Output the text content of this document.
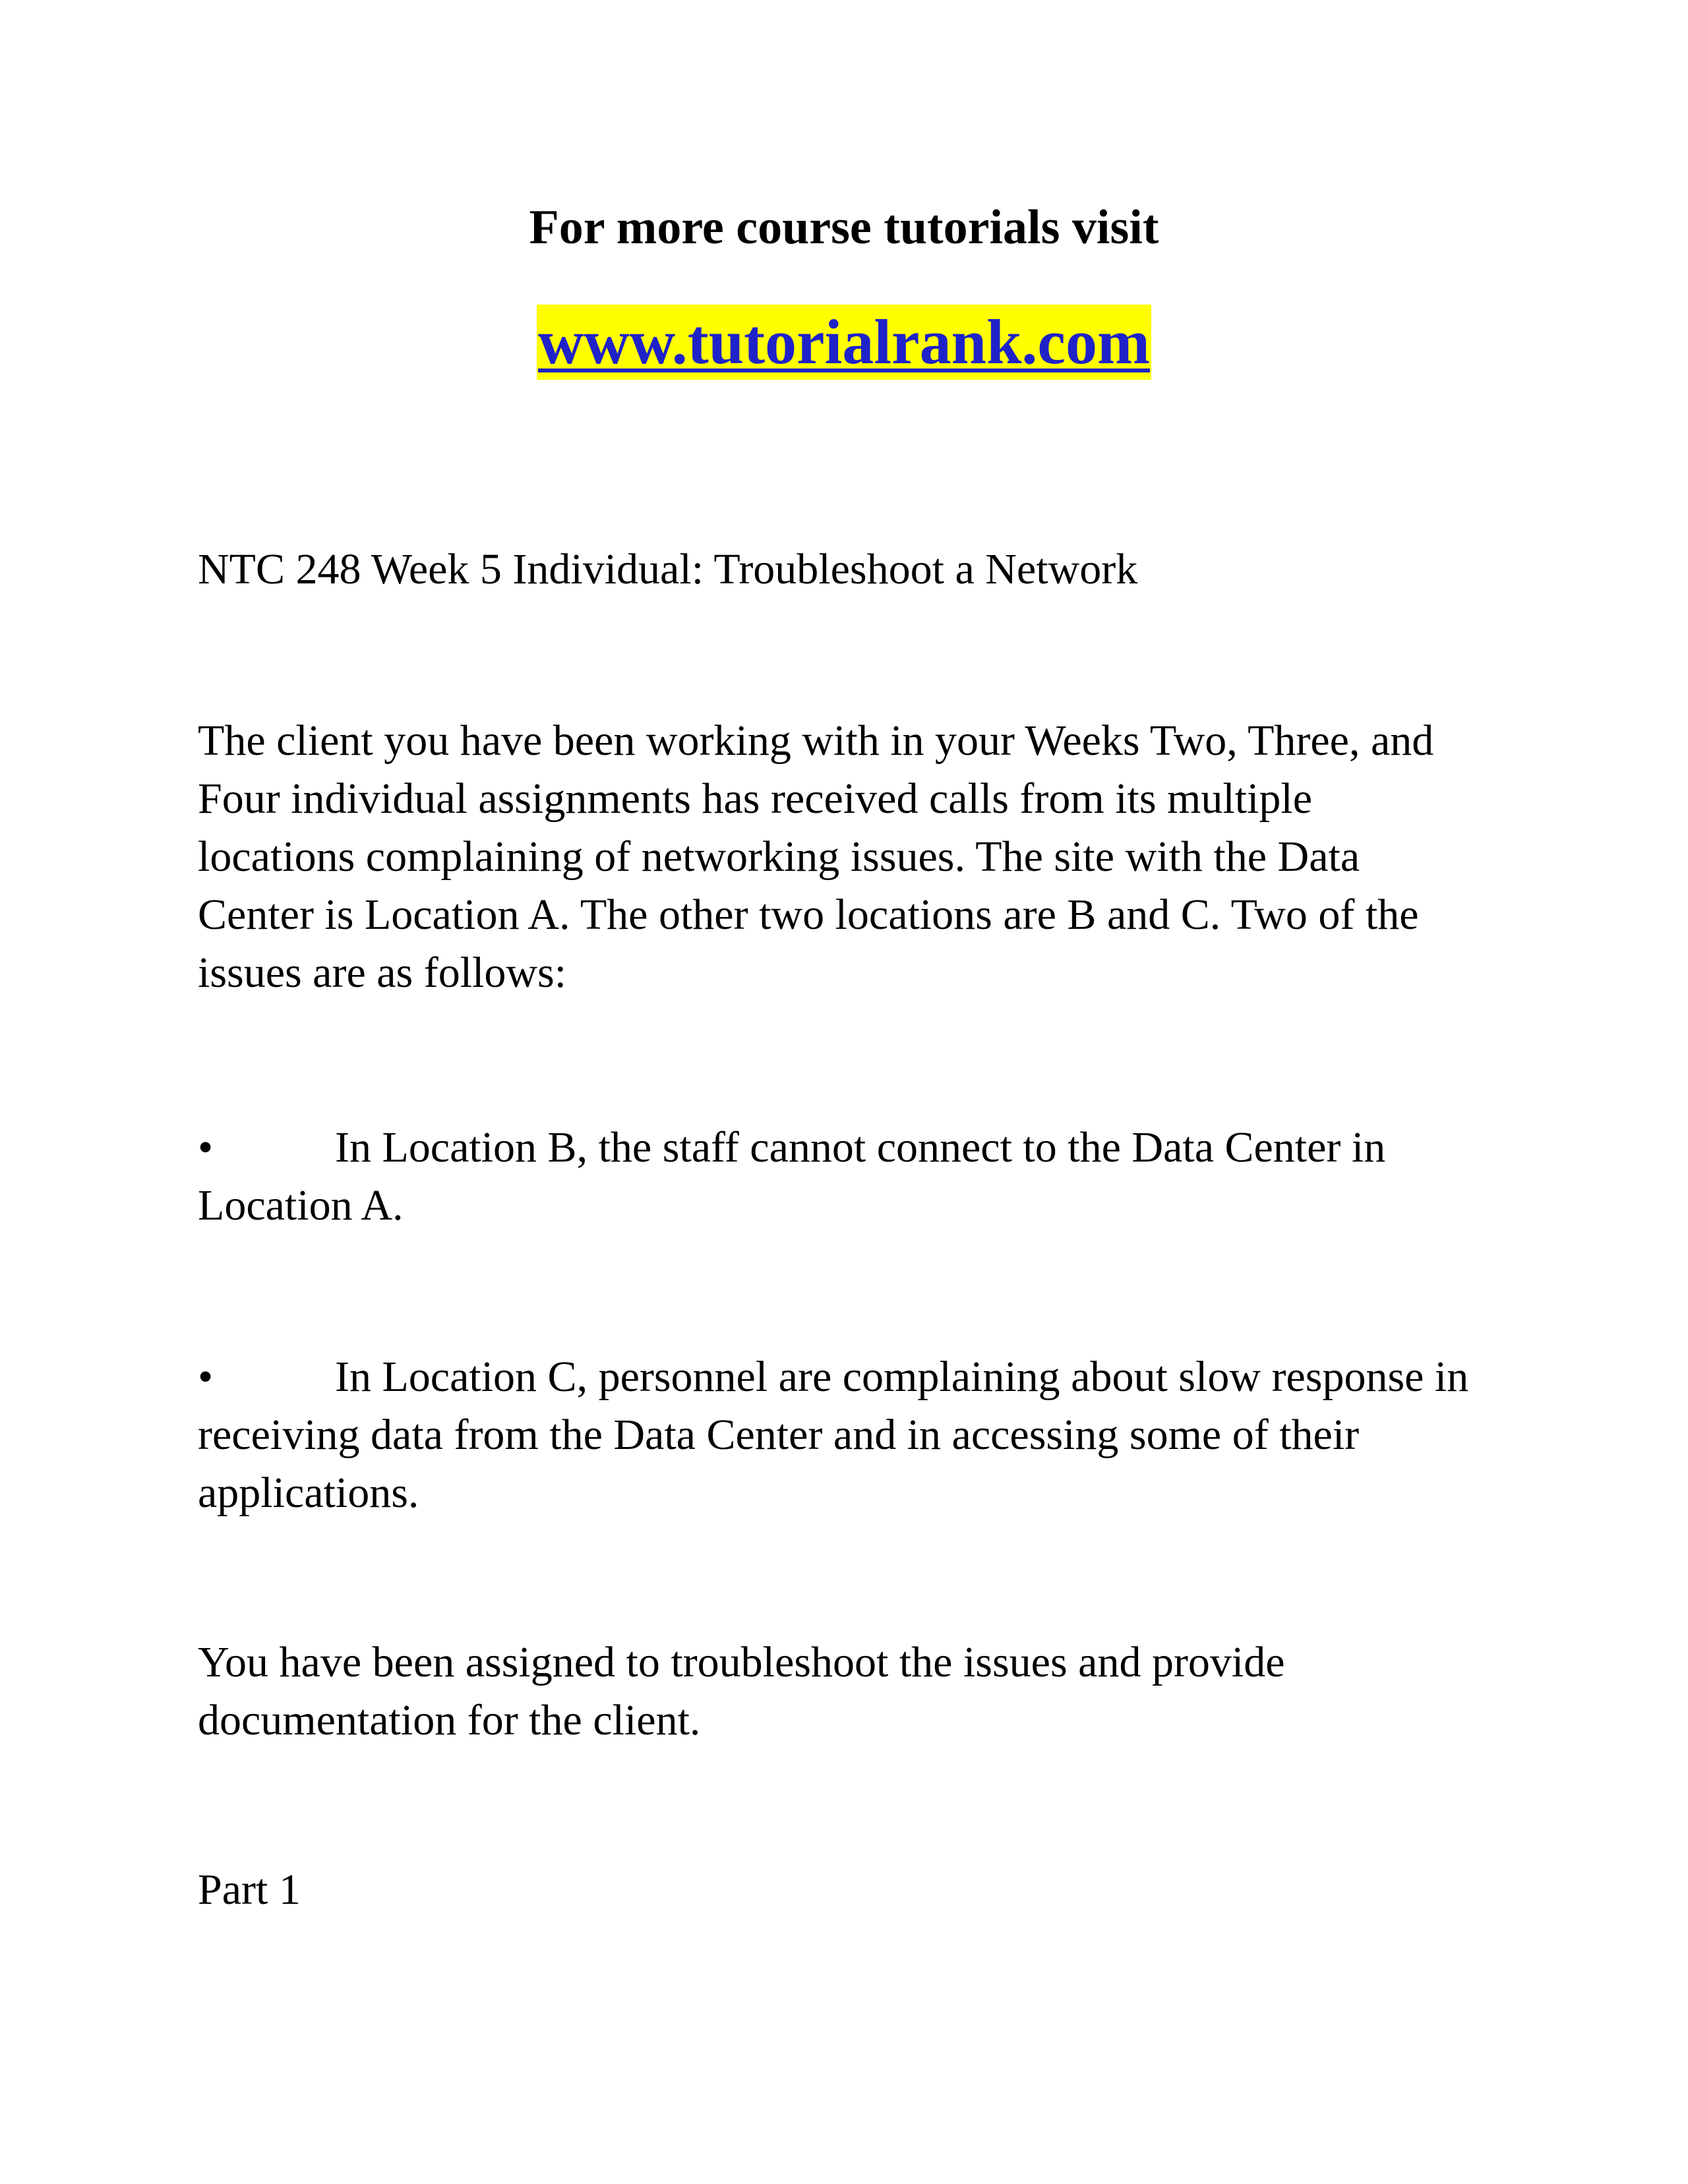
For more course tutorials visit
www.tutorialrank.com
NTC 248 Week 5 Individual: Troubleshoot a Network
The client you have been working with in your Weeks Two, Three, and
Four individual assignments has received calls from its multiple
locations complaining of networking issues. The site with the Data
Center is Location A. The other two locations are B and C. Two of the
issues are as follows:
•	In Location B, the staff cannot connect to the Data Center in
Location A.
•	In Location C, personnel are complaining about slow response in
receiving data from the Data Center and in accessing some of their
applications.
You have been assigned to troubleshoot the issues and provide
documentation for the client.
Part 1
